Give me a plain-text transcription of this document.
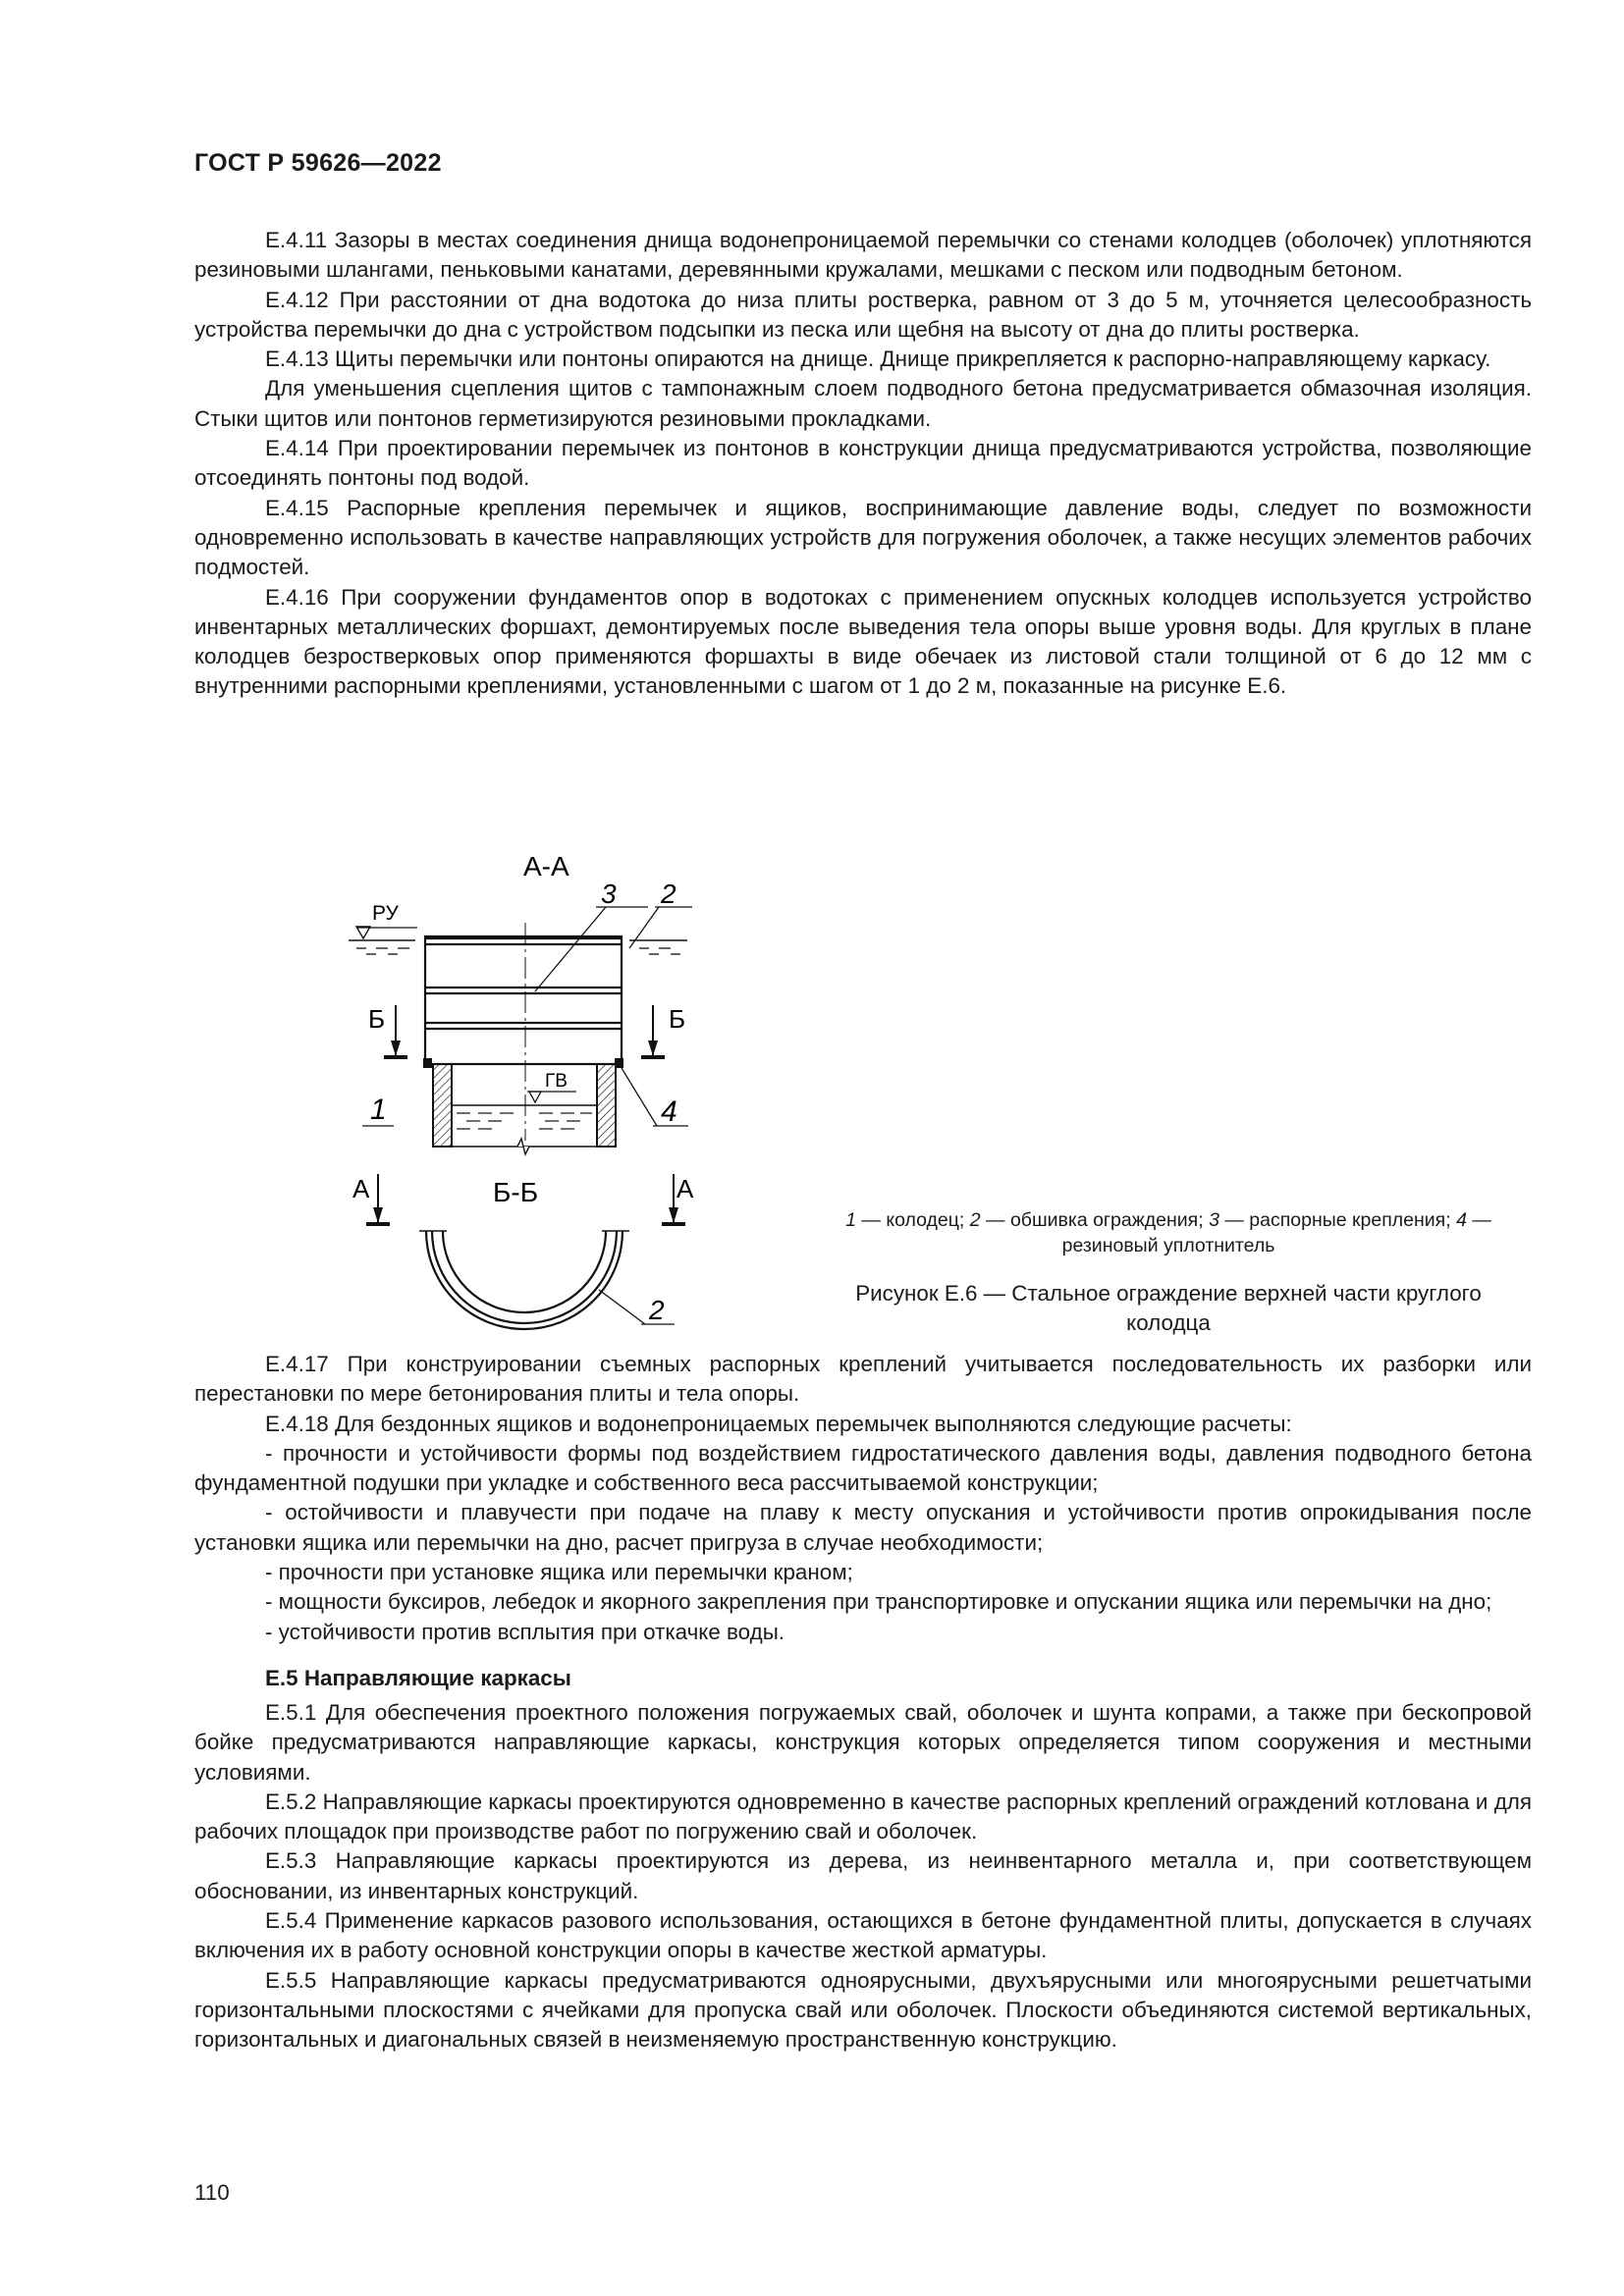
ГОСТ Р 59626—2022

Е.4.11 Зазоры в местах соединения днища водонепроницаемой перемычки со стенами колодцев (оболочек) уплотняются резиновыми шлангами, пеньковыми канатами, деревянными кружалами, мешками с песком или подводным бетоном.

Е.4.12 При расстоянии от дна водотока до низа плиты ростверка, равном от 3 до 5 м, уточняется целесообразность устройства перемычки до дна с устройством подсыпки из песка или щебня на высоту от дна до плиты ростверка.

Е.4.13 Щиты перемычки или понтоны опираются на днище. Днище прикрепляется к распорно-направляющему каркасу.

Для уменьшения сцепления щитов с тампонажным слоем подводного бетона предусматривается обмазочная изоляция. Стыки щитов или понтонов герметизируются резиновыми прокладками.

Е.4.14 При проектировании перемычек из понтонов в конструкции днища предусматриваются устройства, позволяющие отсоединять понтоны под водой.

Е.4.15 Распорные крепления перемычек и ящиков, воспринимающие давление воды, следует по возможности одновременно использовать в качестве направляющих устройств для погружения оболочек, а также несущих элементов рабочих подмостей.

Е.4.16 При сооружении фундаментов опор в водотоках с применением опускных колодцев используется устройство инвентарных металлических форшахт, демонтируемых после выведения тела опоры выше уровня воды. Для круглых в плане колодцев безростверковых опор применяются форшахты в виде обечаек из листовой стали толщиной от 6 до 12 мм с внутренними распорными креплениями, установленными с шагом от 1 до 2 м, показанные на рисунке Е.6.

А-А
3 2
РУ
Б	Б
ГВ
1	4
А	А
Б-Б
2
1 — колодец; 2 — обшивка ограждения; 3 — распорные крепления; 4 — резиновый уплотнитель
Рисунок Е.6 — Стальное ограждение верхней части круглого колодца

Е.4.17 При конструировании съемных распорных креплений учитывается последовательность их разборки или перестановки по мере бетонирования плиты и тела опоры.

Е.4.18 Для бездонных ящиков и водонепроницаемых перемычек выполняются следующие расчеты:

- прочности и устойчивости формы под воздействием гидростатического давления воды, давления подводного бетона фундаментной подушки при укладке и собственного веса рассчитываемой конструкции;

- остойчивости и плавучести при подаче на плаву к месту опускания и устойчивости против опрокидывания после установки ящика или перемычки на дно, расчет пригруза в случае необходимости;

- прочности при установке ящика или перемычки краном;

- мощности буксиров, лебедок и якорного закрепления при транспортировке и опускании ящика или перемычки на дно;

- устойчивости против всплытия при откачке воды.

Е.5 Направляющие каркасы

Е.5.1 Для обеспечения проектного положения погружаемых свай, оболочек и шунта копрами, а также при бескопровой бойке предусматриваются направляющие каркасы, конструкция которых определяется типом сооружения и местными условиями.

Е.5.2 Направляющие каркасы проектируются одновременно в качестве распорных креплений ограждений котлована и для рабочих площадок при производстве работ по погружению свай и оболочек.

Е.5.3 Направляющие каркасы проектируются из дерева, из неинвентарного металла и, при соответствующем обосновании, из инвентарных конструкций.

Е.5.4 Применение каркасов разового использования, остающихся в бетоне фундаментной плиты, допускается в случаях включения их в работу основной конструкции опоры в качестве жесткой арматуры.

Е.5.5 Направляющие каркасы предусматриваются одноярусными, двухъярусными или многоярусными решетчатыми горизонтальными плоскостями с ячейками для пропуска свай или оболочек. Плоскости объединяются системой вертикальных, горизонтальных и диагональных связей в неизменяемую пространственную конструкцию.

110
